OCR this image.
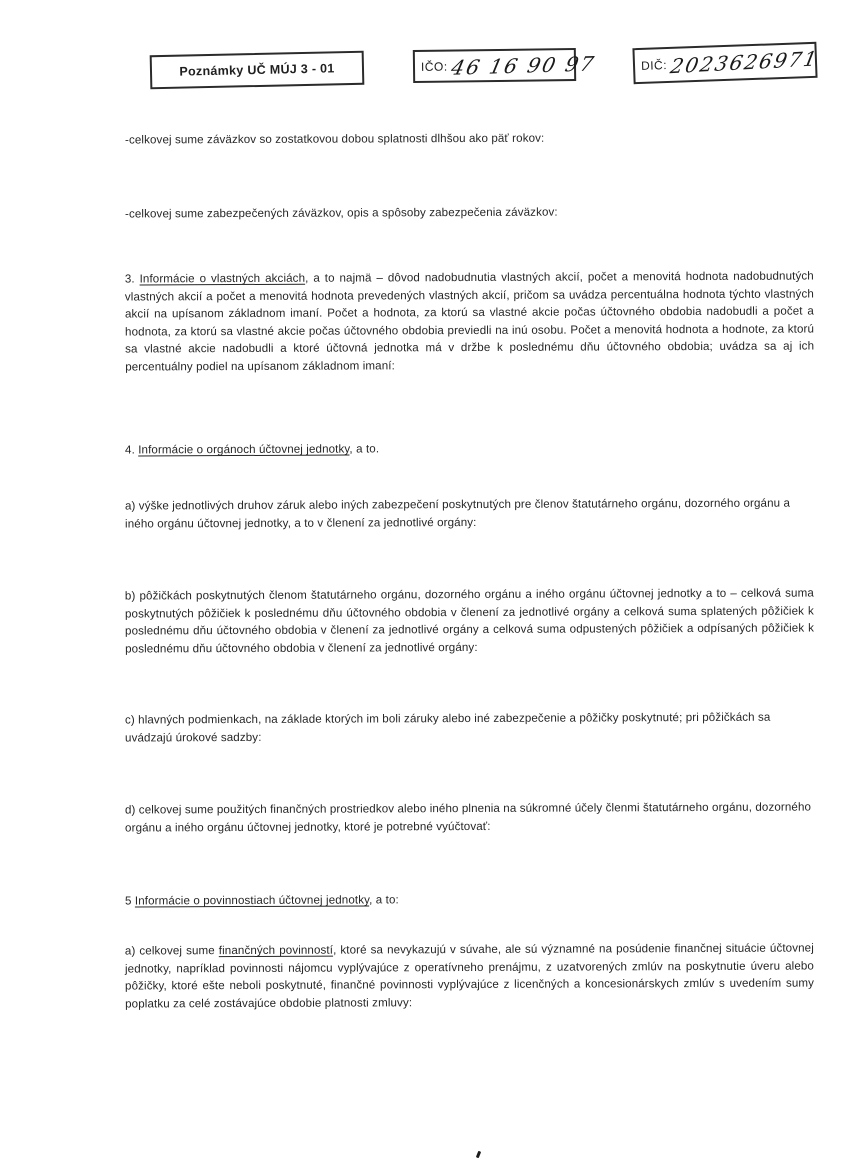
Poznámky UČ MÚJ 3 - 01	IČO: 46 16 90 97	DIČ: 2023626971
-celkovej sume záväzkov so zostatkovou dobou splatnosti dlhšou ako päť rokov:
-celkovej sume zabezpečených záväzkov, opis a spôsoby zabezpečenia záväzkov:
3. Informácie o vlastných akciách, a to najmä – dôvod nadobudnutia vlastných akcií, počet a menovitá hodnota nadobudnutých vlastných akcií a počet a menovitá hodnota prevedených vlastných akcií, pričom sa uvádza percentuálna hodnota týchto vlastných akcií na upísanom základnom imaní. Počet a hodnota, za ktorú sa vlastné akcie počas účtovného obdobia nadobudli a počet a hodnota, za ktorú sa vlastné akcie počas účtovného obdobia previedli na inú osobu. Počet a menovitá hodnota a hodnote, za ktorú sa vlastné akcie nadobudli a ktoré účtovná jednotka má v držbe k poslednému dňu účtovného obdobia; uvádza sa aj ich percentuálny podiel na upísanom základnom imaní:
4. Informácie o orgánoch účtovnej jednotky, a to.
a) výške jednotlivých druhov záruk alebo iných zabezpečení poskytnutých pre členov štatutárneho orgánu, dozorného orgánu a iného orgánu účtovnej jednotky, a to v členení za jednotlivé orgány:
b) pôžičkách poskytnutých členom štatutárneho orgánu, dozorného orgánu a iného orgánu účtovnej jednotky a to – celková suma poskytnutých pôžičiek k poslednému dňu účtovného obdobia v členení za jednotlivé orgány a celková suma splatených pôžičiek k poslednému dňu účtovného obdobia v členení za jednotlivé orgány a celková suma odpustených pôžičiek a odpísaných pôžičiek k poslednému dňu účtovného obdobia v členení za jednotlivé orgány:
c) hlavných podmienkach, na základe ktorých im boli záruky alebo iné zabezpečenie a pôžičky poskytnuté; pri pôžičkách sa uvádzajú úrokové sadzby:
d) celkovej sume použitých finančných prostriedkov alebo iného plnenia na súkromné účely členmi štatutárneho orgánu, dozorného orgánu a iného orgánu účtovnej jednotky, ktoré je potrebné vyúčtovať:
5 Informácie o povinnostiach účtovnej jednotky, a to:
a) celkovej sume finančných povinností, ktoré sa nevykazujú v súvahe, ale sú významné na posúdenie finančnej situácie účtovnej jednotky, napríklad povinnosti nájomcu vyplývajúce z operatívneho prenájmu, z uzatvorených zmlúv na poskytnutie úveru alebo pôžičky, ktoré ešte neboli poskytnuté, finančné povinnosti vyplývajúce z licenčných a koncesionárskych zmlúv s uvedením sumy poplatku za celé zostávajúce obdobie platnosti zmluvy:
